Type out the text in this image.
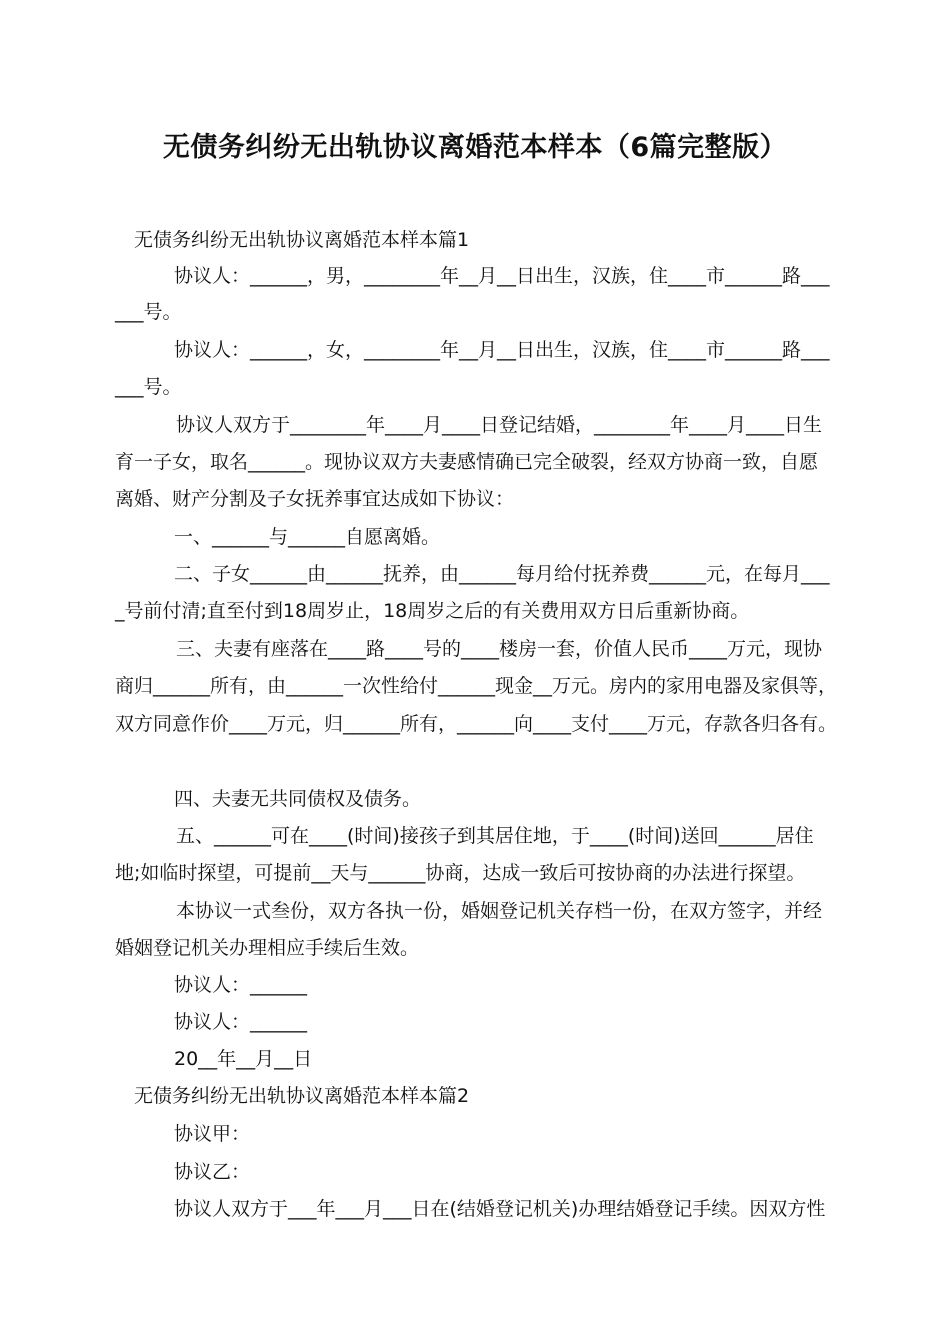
无债务纠纷无出轨协议离婚范本样本（6篇完整版）

无债务纠纷无出轨协议离婚范本样本篇1

协议人：______，男，________年__月__日出生，汉族，住____市______路___

___号。

协议人：______，女，________年__月__日出生，汉族，住____市______路___

___号。

协议人双方于________年____月____日登记结婚，________年____月____日生

育一子女，取名______。现协议双方夫妻感情确已完全破裂，经双方协商一致，自愿

离婚、财产分割及子女抚养事宜达成如下协议：

一、______与______自愿离婚。

二、子女______由______抚养，由______每月给付抚养费______元，在每月___

_号前付清;直至付到18周岁止，18周岁之后的有关费用双方日后重新协商。

三、夫妻有座落在____路____号的____楼房一套，价值人民币____万元，现协

商归______所有，由______一次性给付______现金__万元。房内的家用电器及家俱等，

双方同意作价____万元，归______所有，______向____支付____万元，存款各归各有。

四、夫妻无共同债权及债务。

五、______可在____(时间)接孩子到其居住地，于____(时间)送回______居住

地;如临时探望，可提前__天与______协商，达成一致后可按协商的办法进行探望。

本协议一式叁份，双方各执一份，婚姻登记机关存档一份，在双方签字，并经

婚姻登记机关办理相应手续后生效。

协议人：______

协议人：______

20__年__月__日

无债务纠纷无出轨协议离婚范本样本篇2

协议甲：

协议乙：

协议人双方于___年___月___日在(结婚登记机关)办理结婚登记手续。因双方性
